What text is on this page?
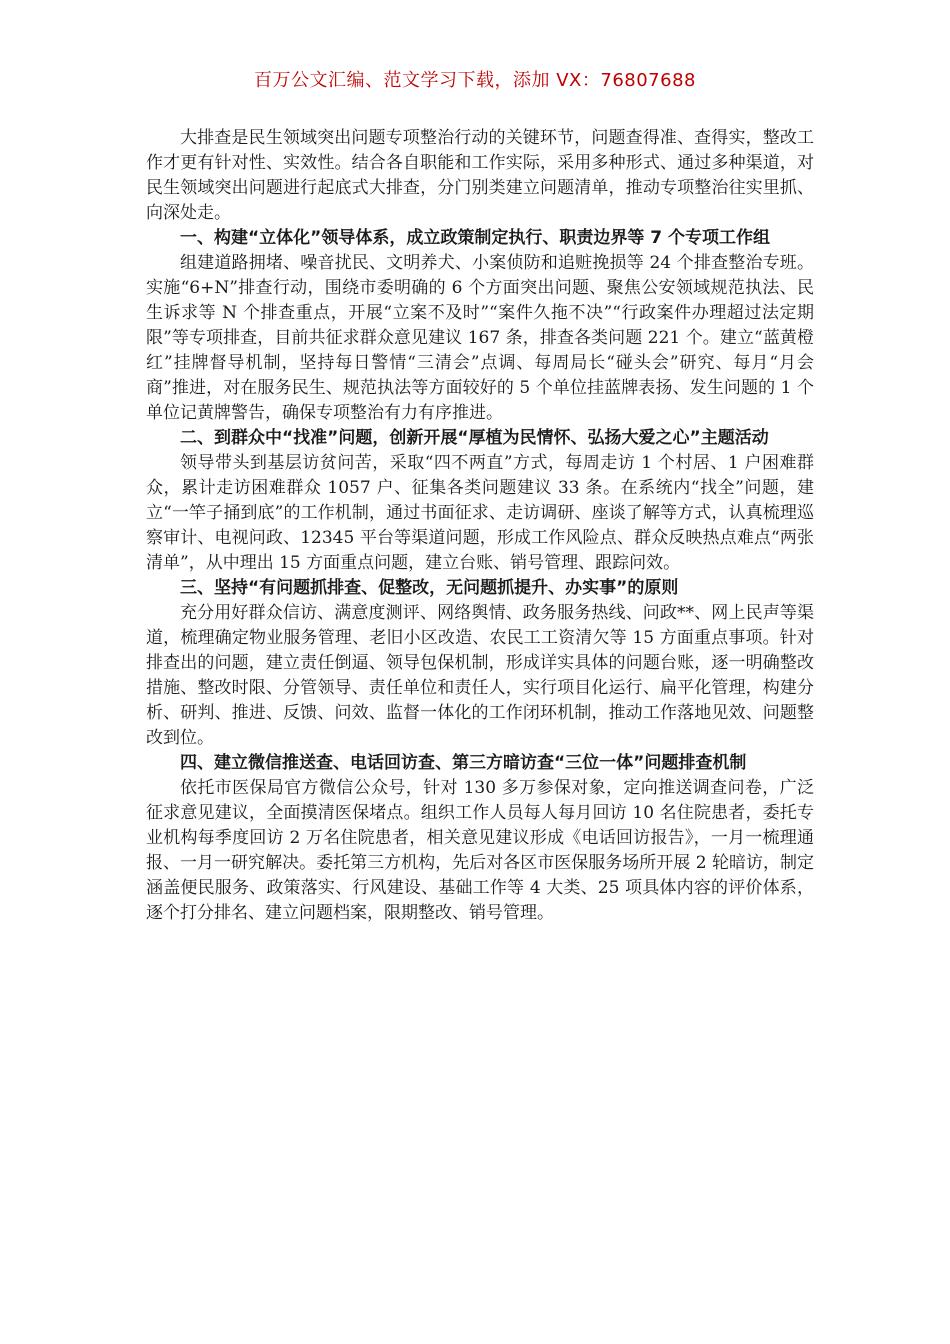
百万公文汇编、范文学习下载，添加 VX：76807688

大排查是民生领域突出问题专项整治行动的关键环节，问题查得准、查得实，整改工作才更有针对性、实效性。结合各自职能和工作实际，采用多种形式、通过多种渠道，对民生领域突出问题进行起底式大排查，分门别类建立问题清单，推动专项整治往实里抓、向深处走。

一、构建“立体化”领导体系，成立政策制定执行、职责边界等 7 个专项工作组

组建道路拥堵、噪音扰民、文明养犬、小案侦防和追赃挽损等 24 个排查整治专班。实施“6+N”排查行动，围绕市委明确的 6 个方面突出问题、聚焦公安领域规范执法、民生诉求等 N 个排查重点，开展“立案不及时”“案件久拖不决”“行政案件办理超过法定期限”等专项排查，目前共征求群众意见建议 167 条，排查各类问题 221 个。建立“蓝黄橙红”挂牌督导机制，坚持每日警情“三清会”点调、每周局长“碰头会”研究、每月“月会商”推进，对在服务民生、规范执法等方面较好的 5 个单位挂蓝牌表扬、发生问题的 1 个单位记黄牌警告，确保专项整治有力有序推进。

二、到群众中“找准”问题，创新开展“厚植为民情怀、弘扬大爱之心”主题活动

领导带头到基层访贫问苦，采取“四不两直”方式，每周走访 1 个村居、1 户困难群众，累计走访困难群众 1057 户、征集各类问题建议 33 条。在系统内“找全”问题，建立“一竿子捅到底”的工作机制，通过书面征求、走访调研、座谈了解等方式，认真梳理巡察审计、电视问政、12345 平台等渠道问题，形成工作风险点、群众反映热点难点“两张清单”，从中理出 15 方面重点问题，建立台账、销号管理、跟踪问效。

三、坚持“有问题抓排查、促整改，无问题抓提升、办实事”的原则

充分用好群众信访、满意度测评、网络舆情、政务服务热线、问政**、网上民声等渠道，梳理确定物业服务管理、老旧小区改造、农民工工资清欠等 15 方面重点事项。针对排查出的问题，建立责任倒逼、领导包保机制，形成详实具体的问题台账，逐一明确整改措施、整改时限、分管领导、责任单位和责任人，实行项目化运行、扁平化管理，构建分析、研判、推进、反馈、问效、监督一体化的工作闭环机制，推动工作落地见效、问题整改到位。

四、建立微信推送查、电话回访查、第三方暗访查“三位一体”问题排查机制

依托市医保局官方微信公众号，针对 130 多万参保对象，定向推送调查问卷，广泛征求意见建议，全面摸清医保堵点。组织工作人员每人每月回访 10 名住院患者，委托专业机构每季度回访 2 万名住院患者，相关意见建议形成《电话回访报告》，一月一梳理通报、一月一研究解决。委托第三方机构，先后对各区市医保服务场所开展 2 轮暗访，制定涵盖便民服务、政策落实、行风建设、基础工作等 4 大类、25 项具体内容的评价体系，逐个打分排名、建立问题档案，限期整改、销号管理。
